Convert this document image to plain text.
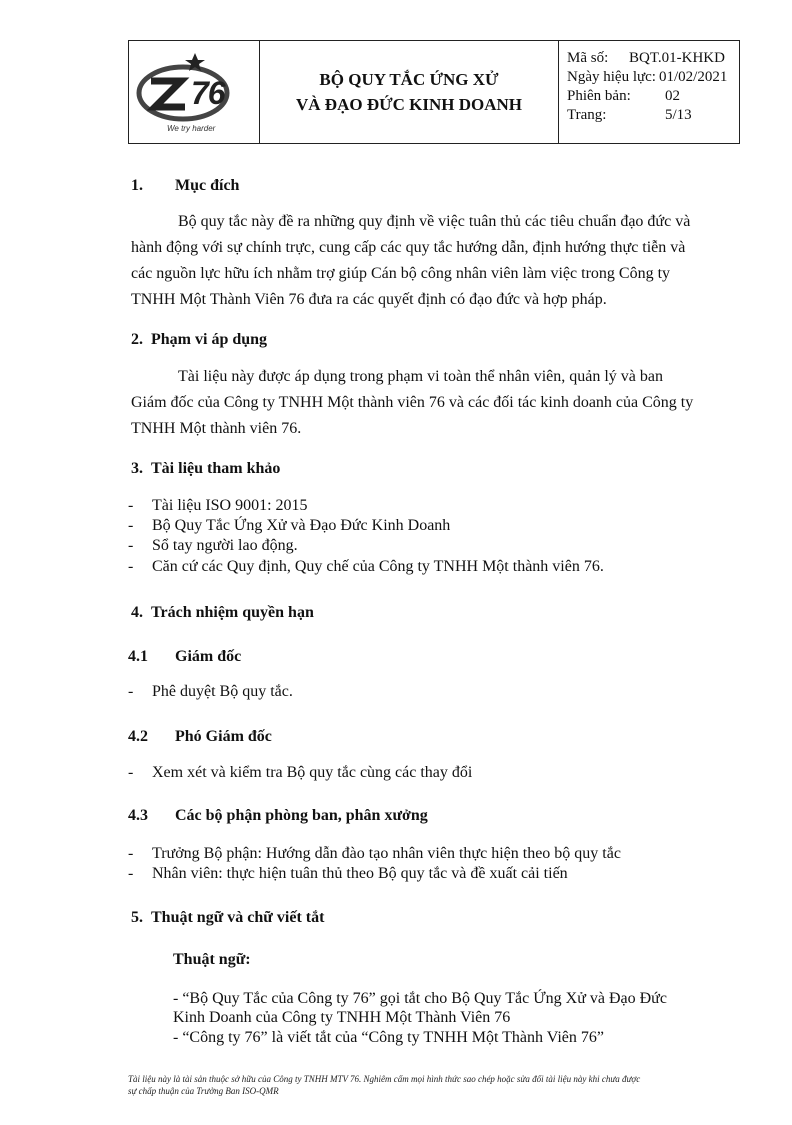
76
We try harder
BỘ QUY TẮC ỨNG XỬ
VÀ ĐẠO ĐỨC KINH DOANH
Mã số:	BQT.01-KHKD
Ngày hiệu lực: 01/02/2021
Phiên bản:	02
Trang:	5/13
1. Mục đích
Bộ quy tắc này đề ra những quy định về việc tuân thủ các tiêu chuẩn đạo đức và
hành động với sự chính trực, cung cấp các quy tắc hướng dẫn, định hướng thực tiễn và
các nguồn lực hữu ích nhằm trợ giúp Cán bộ công nhân viên làm việc trong Công ty
TNHH Một Thành Viên 76 đưa ra các quyết định có đạo đức và hợp pháp.
2. Phạm vi áp dụng
Tài liệu này được áp dụng trong phạm vi toàn thể nhân viên, quản lý và ban
Giám đốc của Công ty TNHH Một thành viên 76 và các đối tác kinh doanh của Công ty
TNHH Một thành viên 76.
3. Tài liệu tham khảo
- Tài liệu ISO 9001: 2015
- Bộ Quy Tắc Ứng Xử và Đạo Đức Kinh Doanh
- Sổ tay người lao động.
- Căn cứ các Quy định, Quy chế của Công ty TNHH Một thành viên 76.
4. Trách nhiệm quyền hạn
4.1 Giám đốc
- Phê duyệt Bộ quy tắc.
4.2 Phó Giám đốc
- Xem xét và kiểm tra Bộ quy tắc cùng các thay đổi
4.3 Các bộ phận phòng ban, phân xưởng
- Trưởng Bộ phận: Hướng dẫn đào tạo nhân viên thực hiện theo bộ quy tắc
- Nhân viên: thực hiện tuân thủ theo Bộ quy tắc và đề xuất cải tiến
5. Thuật ngữ và chữ viết tắt
Thuật ngữ:
- “Bộ Quy Tắc của Công ty 76” gọi tắt cho Bộ Quy Tắc Ứng Xử và Đạo Đức
Kinh Doanh của Công ty TNHH Một Thành Viên 76
- “Công ty 76” là viết tắt của “Công ty TNHH Một Thành Viên 76”
Tài liệu này là tài sản thuộc sở hữu của Công ty TNHH MTV 76. Nghiêm cấm mọi hình thức sao chép hoặc sửa đổi tài liệu này khi chưa được
sự chấp thuận của Trưởng Ban ISO-QMR
